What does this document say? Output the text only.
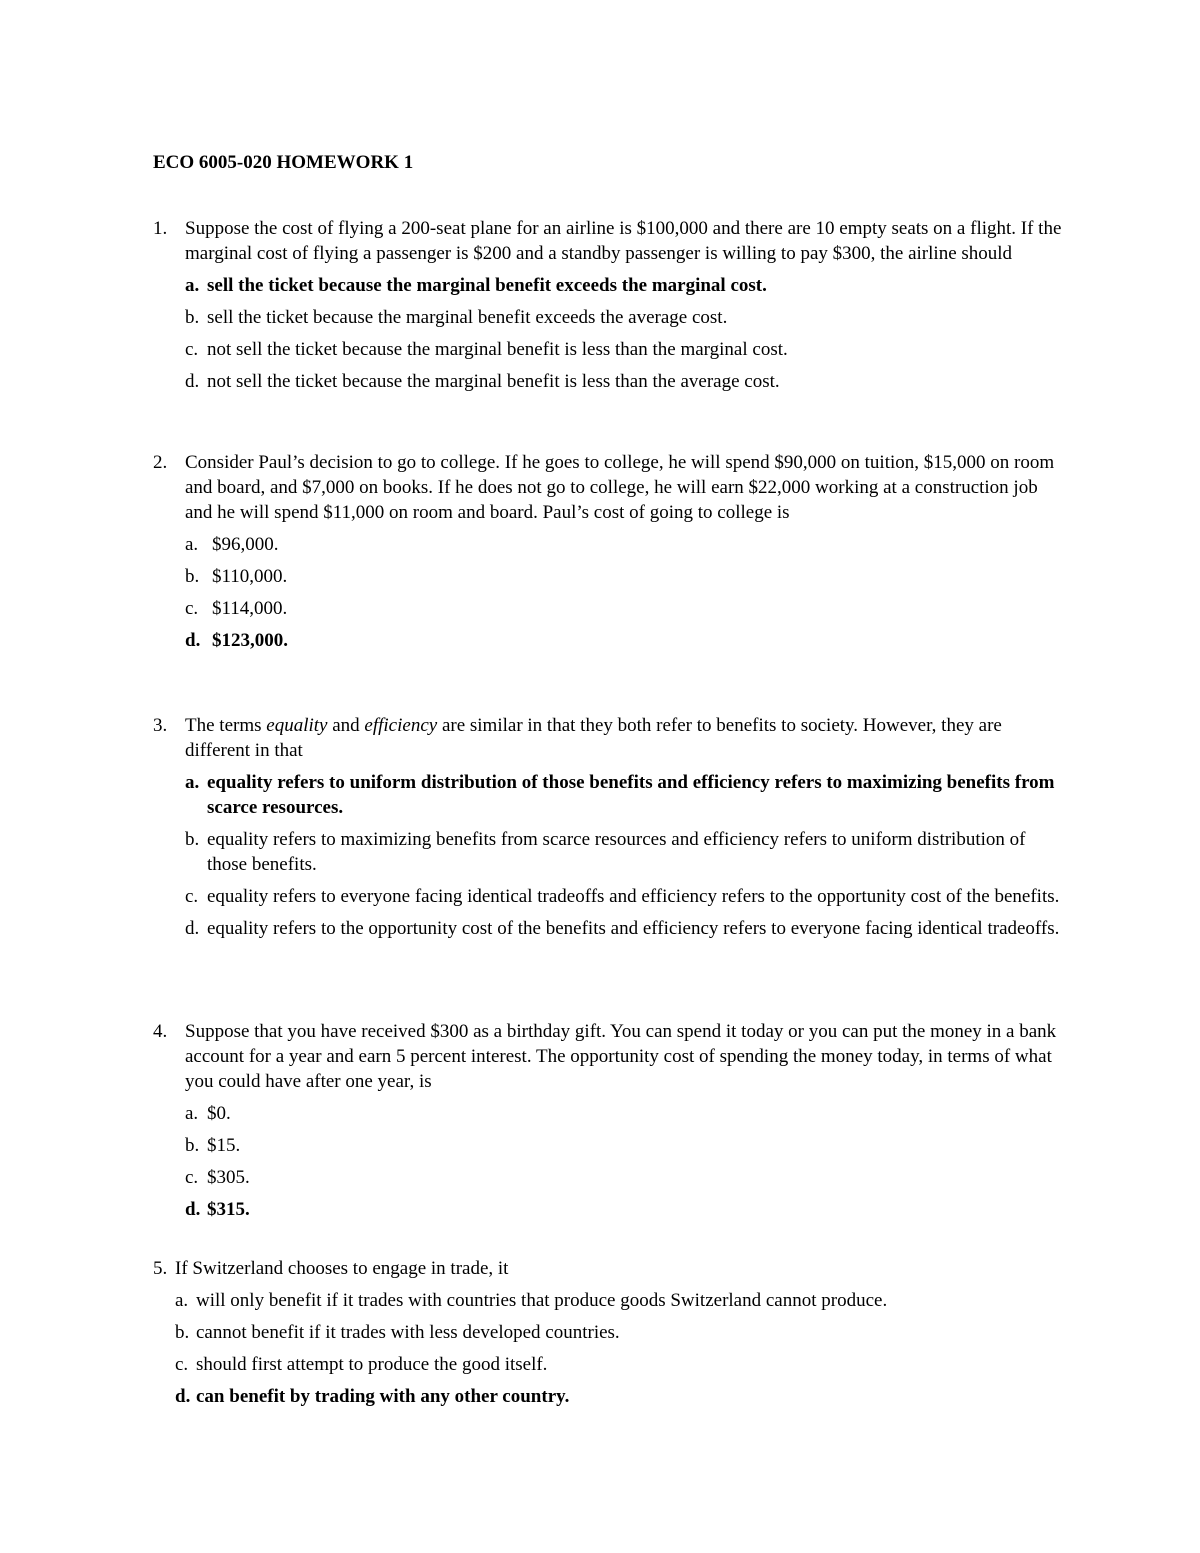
ECO 6005-020 HOMEWORK 1
1. Suppose the cost of flying a 200-seat plane for an airline is $100,000 and there are 10 empty seats on a flight. If the marginal cost of flying a passenger is $200 and a standby passenger is willing to pay $300, the airline should
a. sell the ticket because the marginal benefit exceeds the marginal cost.
b. sell the ticket because the marginal benefit exceeds the average cost.
c. not sell the ticket because the marginal benefit is less than the marginal cost.
d. not sell the ticket because the marginal benefit is less than the average cost.
2. Consider Paul’s decision to go to college. If he goes to college, he will spend $90,000 on tuition, $15,000 on room and board, and $7,000 on books. If he does not go to college, he will earn $22,000 working at a construction job and he will spend $11,000 on room and board. Paul’s cost of going to college is
a. $96,000.
b. $110,000.
c. $114,000.
d. $123,000.
3. The terms equality and efficiency are similar in that they both refer to benefits to society. However, they are different in that
a. equality refers to uniform distribution of those benefits and efficiency refers to maximizing benefits from scarce resources.
b. equality refers to maximizing benefits from scarce resources and efficiency refers to uniform distribution of those benefits.
c. equality refers to everyone facing identical tradeoffs and efficiency refers to the opportunity cost of the benefits.
d. equality refers to the opportunity cost of the benefits and efficiency refers to everyone facing identical tradeoffs.
4. Suppose that you have received $300 as a birthday gift. You can spend it today or you can put the money in a bank account for a year and earn 5 percent interest. The opportunity cost of spending the money today, in terms of what you could have after one year, is
a. $0.
b. $15.
c. $305.
d. $315.
5. If Switzerland chooses to engage in trade, it
a. will only benefit if it trades with countries that produce goods Switzerland cannot produce.
b. cannot benefit if it trades with less developed countries.
c. should first attempt to produce the good itself.
d. can benefit by trading with any other country.
